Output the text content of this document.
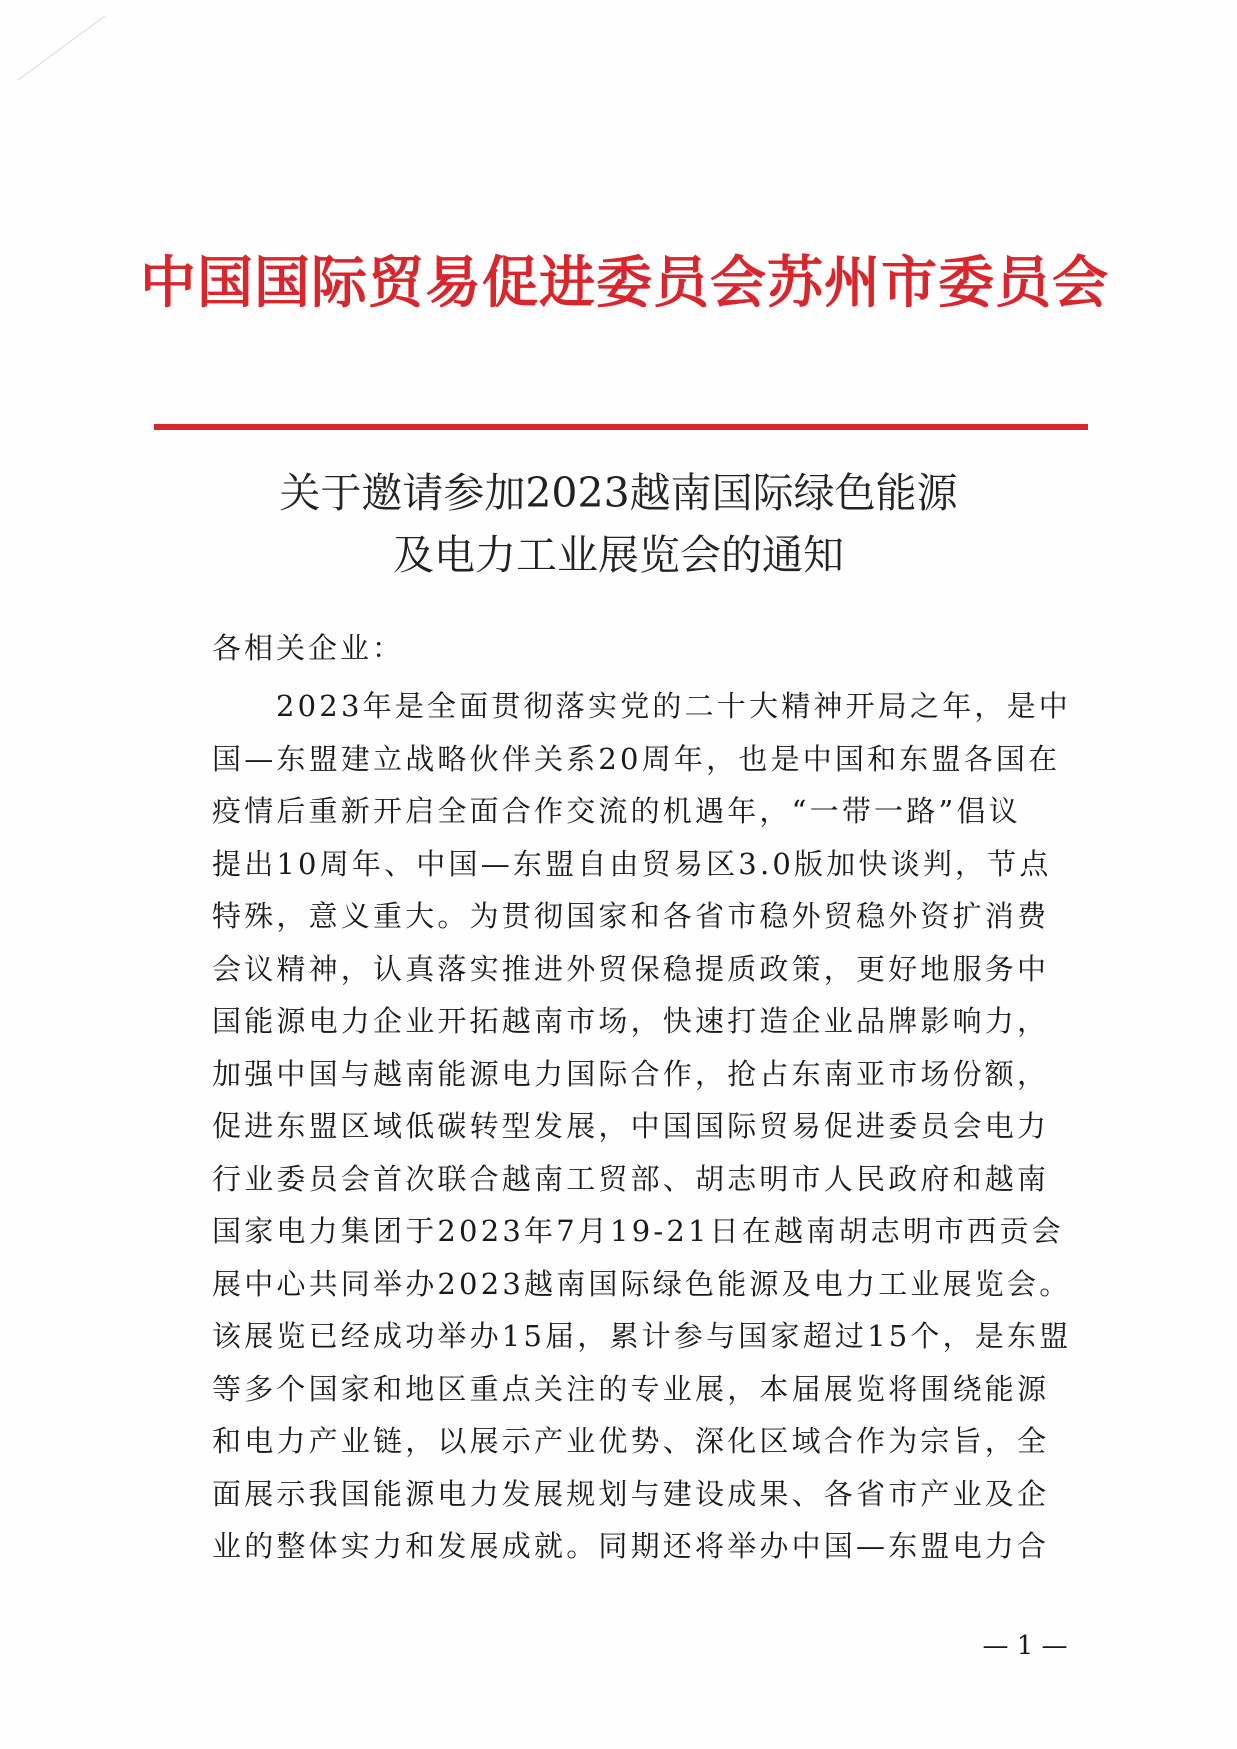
中国国际贸易促进委员会苏州市委员会
关于邀请参加2023越南国际绿色能源
及电力工业展览会的通知
各相关企业：
2023年是全面贯彻落实党的二十大精神开局之年，是中
国—东盟建立战略伙伴关系20周年，也是中国和东盟各国在
疫情后重新开启全面合作交流的机遇年，“一带一路”倡议
提出10周年、中国—东盟自由贸易区3.0版加快谈判，节点
特殊，意义重大。为贯彻国家和各省市稳外贸稳外资扩消费
会议精神，认真落实推进外贸保稳提质政策，更好地服务中
国能源电力企业开拓越南市场，快速打造企业品牌影响力，
加强中国与越南能源电力国际合作，抢占东南亚市场份额，
促进东盟区域低碳转型发展，中国国际贸易促进委员会电力
行业委员会首次联合越南工贸部、胡志明市人民政府和越南
国家电力集团于2023年7月19-21日在越南胡志明市西贡会
展中心共同举办2023越南国际绿色能源及电力工业展览会。
该展览已经成功举办15届，累计参与国家超过15个，是东盟
等多个国家和地区重点关注的专业展，本届展览将围绕能源
和电力产业链，以展示产业优势、深化区域合作为宗旨，全
面展示我国能源电力发展规划与建设成果、各省市产业及企
业的整体实力和发展成就。同期还将举办中国—东盟电力合
— 1 —
